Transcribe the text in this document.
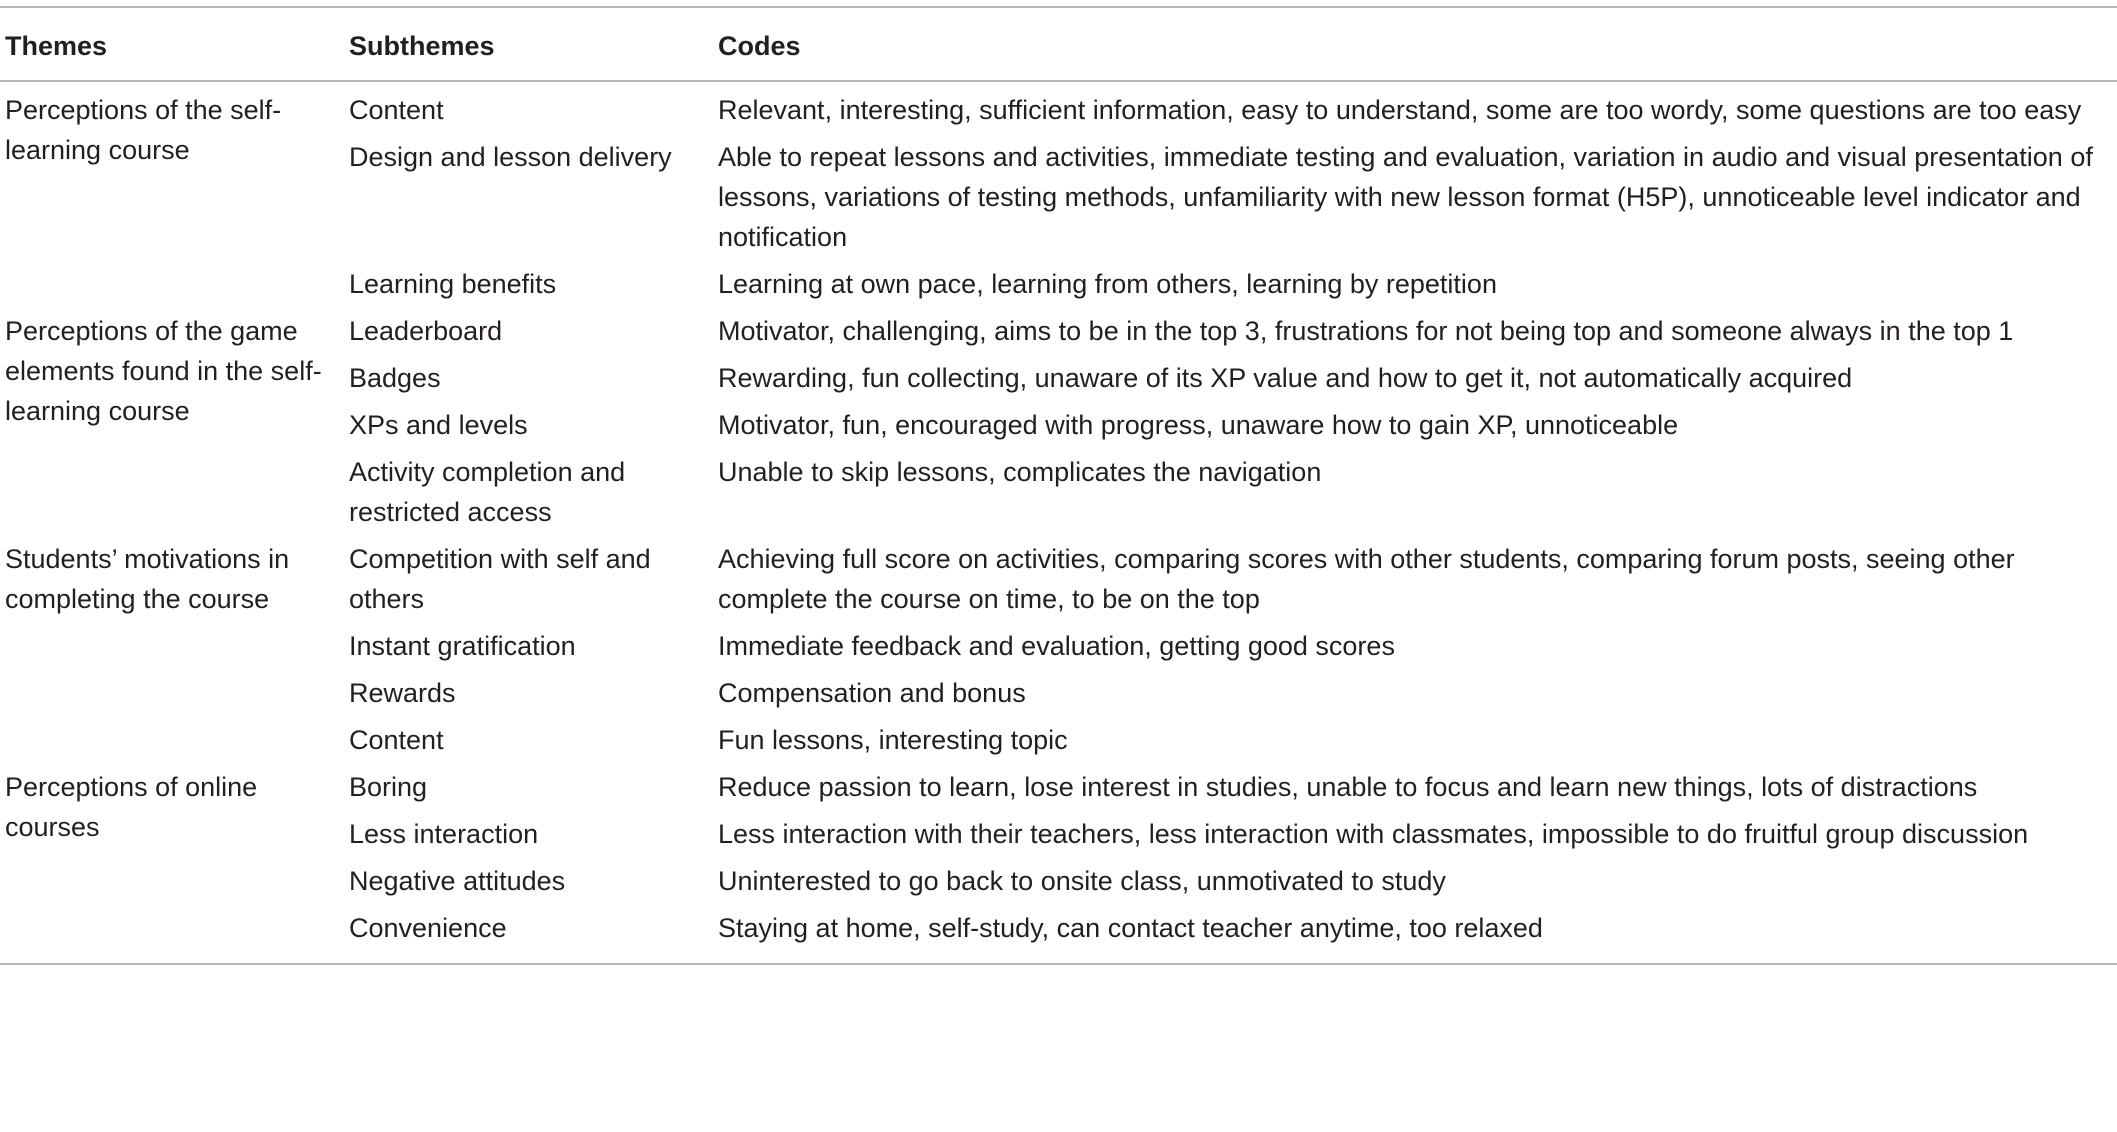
Themes	Subthemes	Codes
Perceptions of the self-learning course	Content	Relevant, interesting, sufficient information, easy to understand, some are too wordy, some questions are too easy
	Design and lesson delivery	Able to repeat lessons and activities, immediate testing and evaluation, variation in audio and visual presentation of lessons, variations of testing methods, unfamiliarity with new lesson format (H5P), unnoticeable level indicator and notification
	Learning benefits	Learning at own pace, learning from others, learning by repetition
Perceptions of the game elements found in the self-learning course	Leaderboard	Motivator, challenging, aims to be in the top 3, frustrations for not being top and someone always in the top 1
	Badges	Rewarding, fun collecting, unaware of its XP value and how to get it, not automatically acquired
	XPs and levels	Motivator, fun, encouraged with progress, unaware how to gain XP, unnoticeable
	Activity completion and restricted access	Unable to skip lessons, complicates the navigation
Students’ motivations in completing the course	Competition with self and others	Achieving full score on activities, comparing scores with other students, comparing forum posts, seeing other complete the course on time, to be on the top
	Instant gratification	Immediate feedback and evaluation, getting good scores
	Rewards	Compensation and bonus
	Content	Fun lessons, interesting topic
Perceptions of online courses	Boring	Reduce passion to learn, lose interest in studies, unable to focus and learn new things, lots of distractions
	Less interaction	Less interaction with their teachers, less interaction with classmates, impossible to do fruitful group discussion
	Negative attitudes	Uninterested to go back to onsite class, unmotivated to study
	Convenience	Staying at home, self-study, can contact teacher anytime, too relaxed
